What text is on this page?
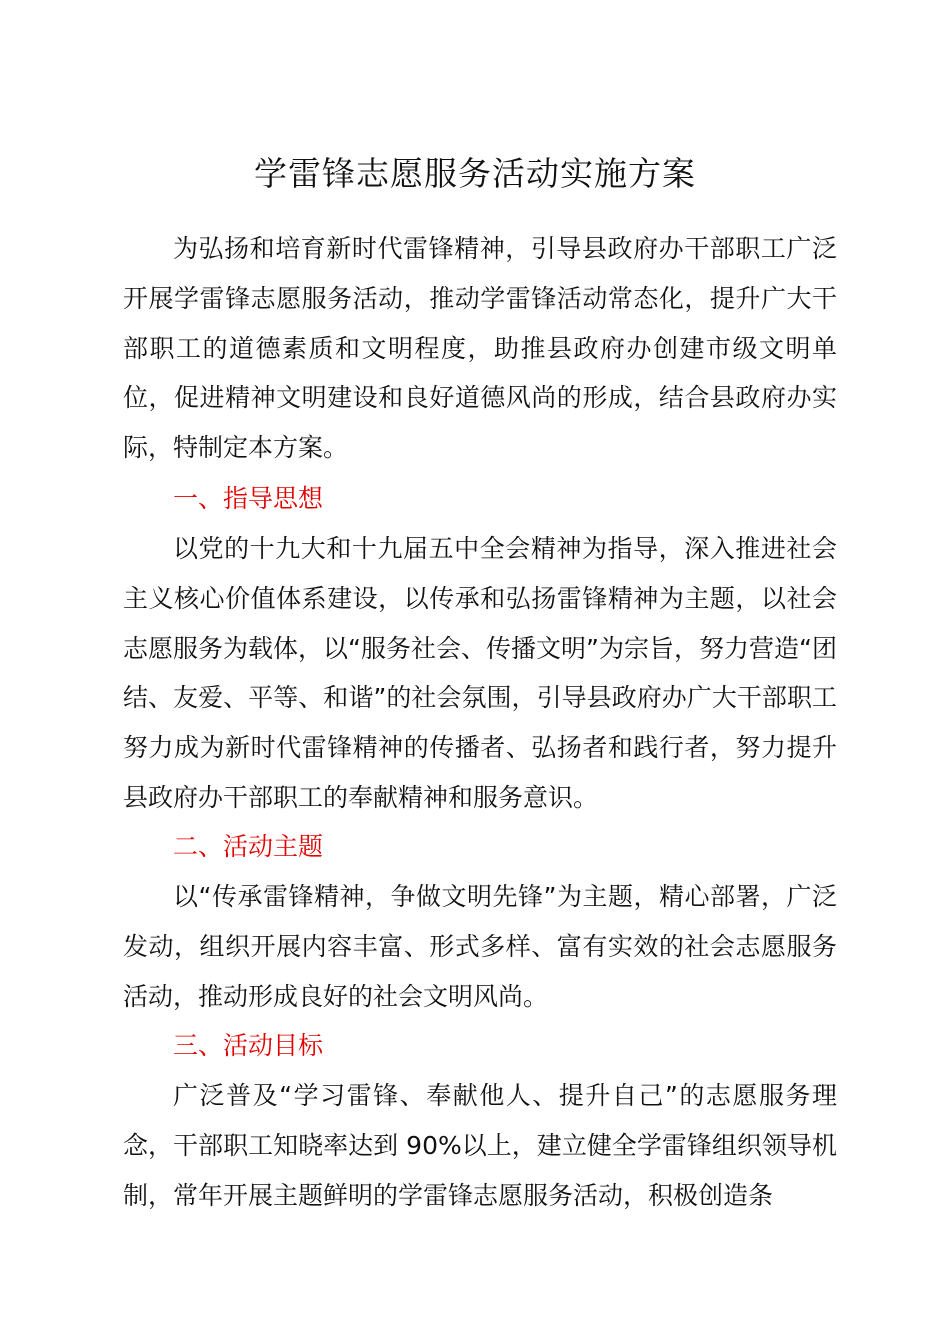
学雷锋志愿服务活动实施方案

为弘扬和培育新时代雷锋精神，引导县政府办干部职工广泛开展学雷锋志愿服务活动，推动学雷锋活动常态化，提升广大干部职工的道德素质和文明程度，助推县政府办创建市级文明单位，促进精神文明建设和良好道德风尚的形成，结合县政府办实际，特制定本方案。

一、指导思想

以党的十九大和十九届五中全会精神为指导，深入推进社会主义核心价值体系建设，以传承和弘扬雷锋精神为主题，以社会志愿服务为载体，以“服务社会、传播文明”为宗旨，努力营造“团结、友爱、平等、和谐”的社会氛围，引导县政府办广大干部职工努力成为新时代雷锋精神的传播者、弘扬者和践行者，努力提升县政府办干部职工的奉献精神和服务意识。

二、活动主题

以“传承雷锋精神，争做文明先锋”为主题，精心部署，广泛发动，组织开展内容丰富、形式多样、富有实效的社会志愿服务活动，推动形成良好的社会文明风尚。

三、活动目标

广泛普及“学习雷锋、奉献他人、提升自己”的志愿服务理念，干部职工知晓率达到 90%以上，建立健全学雷锋组织领导机制，常年开展主题鲜明的学雷锋志愿服务活动，积极创造条
